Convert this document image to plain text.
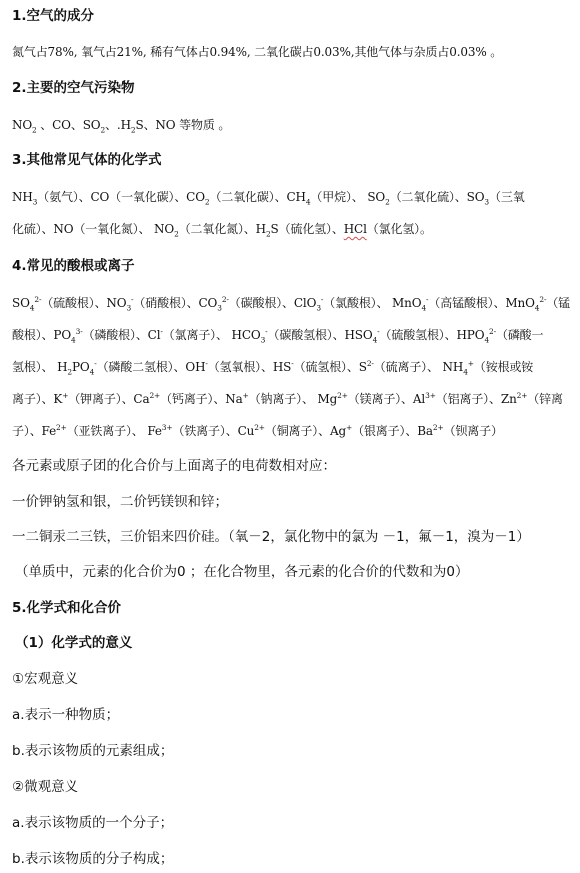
1.空气的成分
氮气占78%, 氧气占21%, 稀有气体占0.94%, 二氧化碳占0.03%,其他气体与杂质占0.03% 。
2.主要的空气污染物
$NO_2$ 、CO、$SO_2$、$.H_2S$、NO 等物质 。
3.其他常见气体的化学式
$NH_3$（氨气）、CO（一氧化碳）、$CO_2$（二氧化碳）、$CH_4$（甲烷）、 $SO_2$（二氧化硫）、$SO_3$（三氧
化硫）、NO（一氧化氮）、 $NO_2$（二氧化氮）、$H_2S$（硫化氢）、HCl（氯化氢）。
4.常见的酸根或离子
$SO_4^{2-}$（硫酸根）、$NO_3^-$（硝酸根）、$CO_3^{2-}$（碳酸根）、ClO$_3$-（氯酸根）、 MnO$_4$-（高锰酸根）、MnO$_4^{2-}$（锰
酸根）、$PO_4^{3-}$（磷酸根）、Cl-（氯离子）、 $HCO_3^-$（碳酸氢根）、$HSO_4^-$（硫酸氢根）、$HPO_4^{2-}$（磷酸一
氢根）、 $H_2PO_4^-$（磷酸二氢根）、OH-（氢氧根）、HS-（硫氢根）、$S^{2-}$（硫离子）、 $NH_4^+$（铵根或铵
离子）、K+（钾离子）、$Ca^{2+}$（钙离子）、Na+（钠离子）、 $Mg^{2+}$（镁离子）、$Al^{3+}$（铝离子）、$Zn^{2+}$（锌离
子）、$Fe^{2+}$（亚铁离子）、 $Fe^{3+}$（铁离子）、$Cu^{2+}$（铜离子）、Ag+（银离子）、$Ba^{2+}$（钡离子）
各元素或原子团的化合价与上面离子的电荷数相对应：
一价钾钠氢和银，二价钙镁钡和锌；
一二铜汞二三铁，三价铝来四价硅。（氧－2，氯化物中的氯为 －1，氟－1，溴为－1）
（单质中，元素的化合价为0 ；在化合物里，各元素的化合价的代数和为0）
5.化学式和化合价
（1）化学式的意义
①宏观意义
a.表示一种物质；
b.表示该物质的元素组成；
②微观意义
a.表示该物质的一个分子；
b.表示该物质的分子构成；
